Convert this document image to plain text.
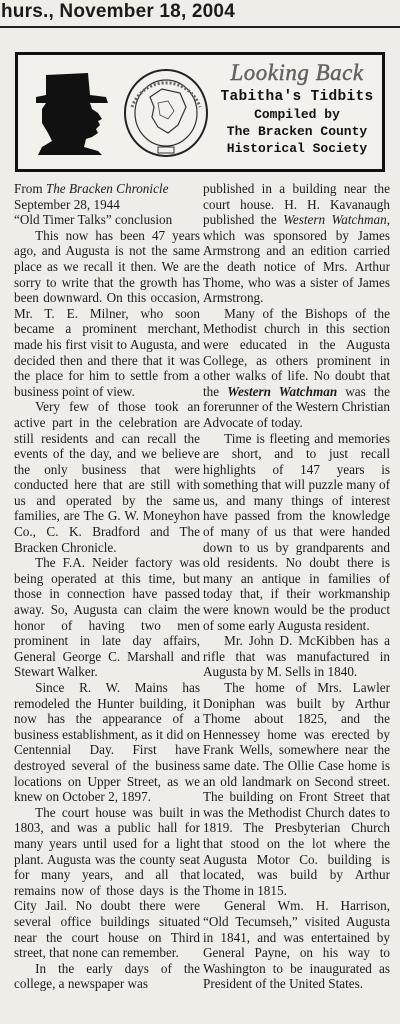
hurs., November 18, 2004
Looking Back
Tabitha's Tidbits
Compiled by
The Bracken County
Historical Society

From The Bracken Chronicle

September 28, 1944

“Old Timer Talks” conclusion

This now has been 47 years ago, and Augusta is not the same place as we recall it then. We are sorry to write that the growth has been downward. On this occasion, Mr. T. E. Milner, who soon became a prominent merchant, made his first visit to Augusta, and decided then and there that it was the place for him to settle from a business point of view.

Very few of those took an active part in the celebration are still residents and can recall the events of the day, and we believe the only business that were conducted here that are still with us and operated by the same families, are The G. W. Moneyhon Co., C. K. Bradford and The Bracken Chronicle.

The F.A. Neider factory was being operated at this time, but those in connection have passed away. So, Augusta can claim the honor of having two men prominent in late day affairs, General George C. Marshall and Stewart Walker.

Since R. W. Mains has remodeled the Hunter building, it now has the appearance of a business establishment, as it did on Centennial Day. First have destroyed several of the business locations on Upper Street, as we knew on October 2, 1897.

The court house was built in 1803, and was a public hall for many years until used for a light plant. Augusta was the county seat for many years, and all that remains now of those days is the City Jail. No doubt there were several office buildings situated near the court house on Third street, that none can remember.

In the early days of the college, a newspaper was

published in a building near the court house. H. H. Kavanaugh published the Western Watchman, which was sponsored by James Armstrong and an edition carried the death notice of Mrs. Arthur Thome, who was a sister of James Armstrong.

Many of the Bishops of the Methodist church in this section were educated in the Augusta College, as others prominent in other walks of life. No doubt that the Western Watchman was the forerunner of the Western Christian Advocate of today.

Time is fleeting and memories are short, and to just recall highlights of 147 years is something that will puzzle many of us, and many things of interest have passed from the knowledge of many of us that were handed down to us by grandparents and old residents. No doubt there is many an antique in families of today that, if their workmanship were known would be the product of some early Augusta resident.

Mr. John D. McKibben has a rifle that was manufactured in Augusta by M. Sells in 1840.

The home of Mrs. Lawler Doniphan was built by Arthur Thome about 1825, and the Hennessey home was erected by Frank Wells, somewhere near the same date. The Ollie Case home is an old landmark on Second street. The building on Front Street that was the Methodist Church dates to 1819. The Presbyterian Church that stood on the lot where the Augusta Motor Co. building is located, was build by Arthur Thome in 1815.

General Wm. H. Harrison, “Old Tecumseh,” visited Augusta in 1841, and was entertained by General Payne, on his way to Washington to be inaugurated as President of the United States.
